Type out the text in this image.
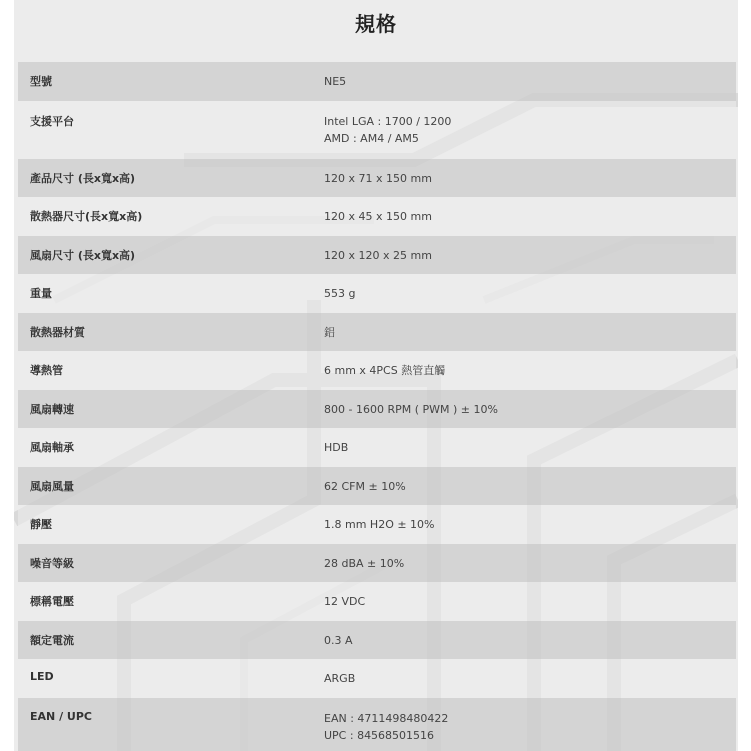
規格
型號	NE5
支援平台	Intel LGA : 1700 / 1200
AMD : AM4 / AM5
產品尺寸 (長x寬x高)	120 x 71 x 150 mm
散熱器尺寸(長x寬x高)	120 x 45 x 150 mm
風扇尺寸 (長x寬x高)	120 x 120 x 25 mm
重量	553 g
散熱器材質	鋁
導熱管	6 mm x 4PCS 熱管直觸
風扇轉速	800 - 1600 RPM ( PWM ) ± 10%
風扇軸承	HDB
風扇風量	62 CFM ± 10%
靜壓	1.8 mm H2O ± 10%
噪音等級	28 dBA ± 10%
標稱電壓	12 VDC
額定電流	0.3 A
LED	ARGB
EAN / UPC	EAN : 4711498480422
UPC : 84568501516
